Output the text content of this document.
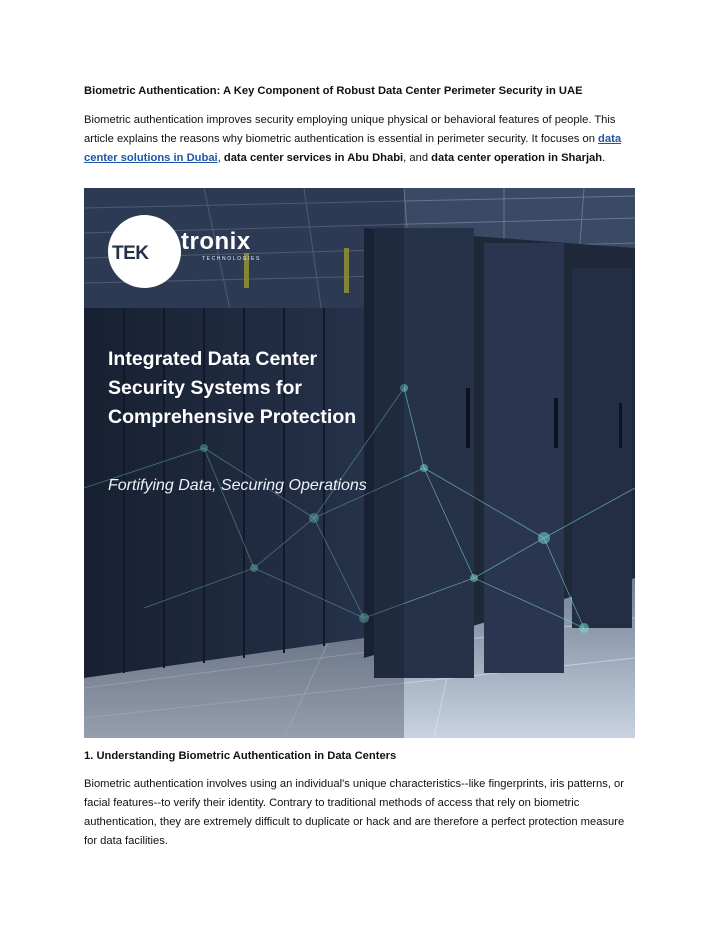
Biometric Authentication: A Key Component of Robust Data Center Perimeter Security in UAE

Biometric authentication improves security employing unique physical or behavioral features of people. This article explains the reasons why biometric authentication is essential in perimeter security. It focuses on data center solutions in Dubai, data center services in Abu Dhabi, and data center operation in Sharjah.

TEK tronix
TECHNOLOGIES
Integrated Data Center Security Systems for Comprehensive Protection
Fortifying Data, Securing Operations
1. Understanding Biometric Authentication in Data Centers
Biometric authentication involves using an individual's unique characteristics--like fingerprints, iris patterns, or facial features--to verify their identity. Contrary to traditional methods of access that rely on biometric authentication, they are extremely difficult to duplicate or hack and are therefore a perfect protection measure for data facilities.
